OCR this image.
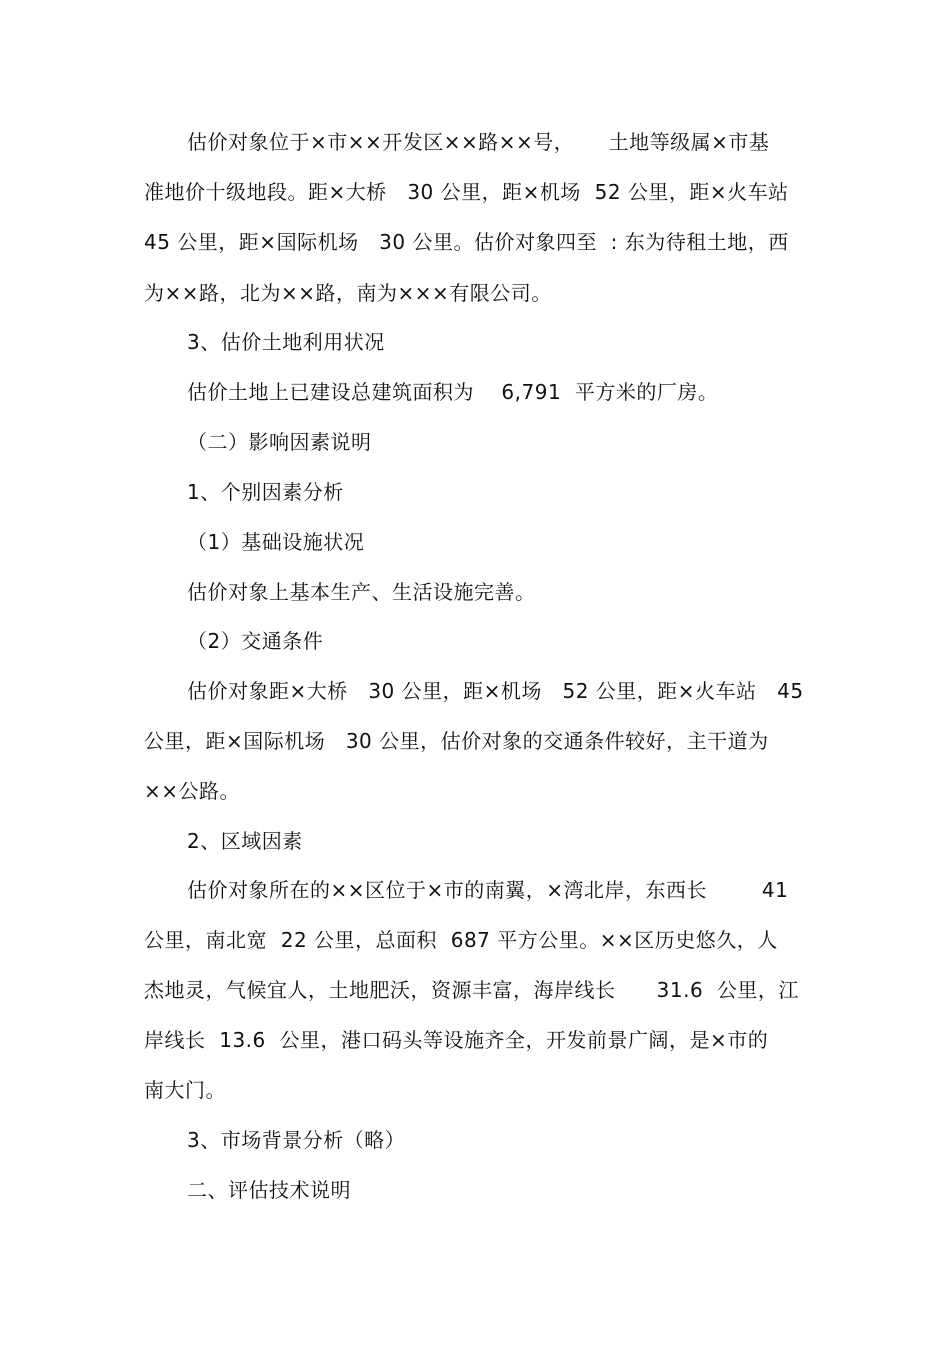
估价对象位于×市××开发区××路××号，     土地等级属×市基
准地价十级地段。距×大桥   30 公里，距×机场  52 公里，距×火车站
45 公里，距×国际机场   30 公里。估价对象四至  : 东为待租土地，西
为××路，北为××路，南为×××有限公司。
3、估价土地利用状况
估价土地上已建设总建筑面积为    6,791  平方米的厂房。
（二）影响因素说明
1、个别因素分析
（1）基础设施状况
估价对象上基本生产、生活设施完善。
（2）交通条件
估价对象距×大桥   30 公里，距×机场   52 公里，距×火车站   45
公里，距×国际机场   30 公里，估价对象的交通条件较好，主干道为
××公路。
2、区域因素
估价对象所在的××区位于×市的南翼，×湾北岸，东西长        41
公里，南北宽  22 公里，总面积  687 平方公里。××区历史悠久，人
杰地灵，气候宜人，土地肥沃，资源丰富，海岸线长      31.6  公里，江
岸线长  13.6  公里，港口码头等设施齐全，开发前景广阔，是×市的
南大门。
3、市场背景分析（略）
二、评估技术说明
